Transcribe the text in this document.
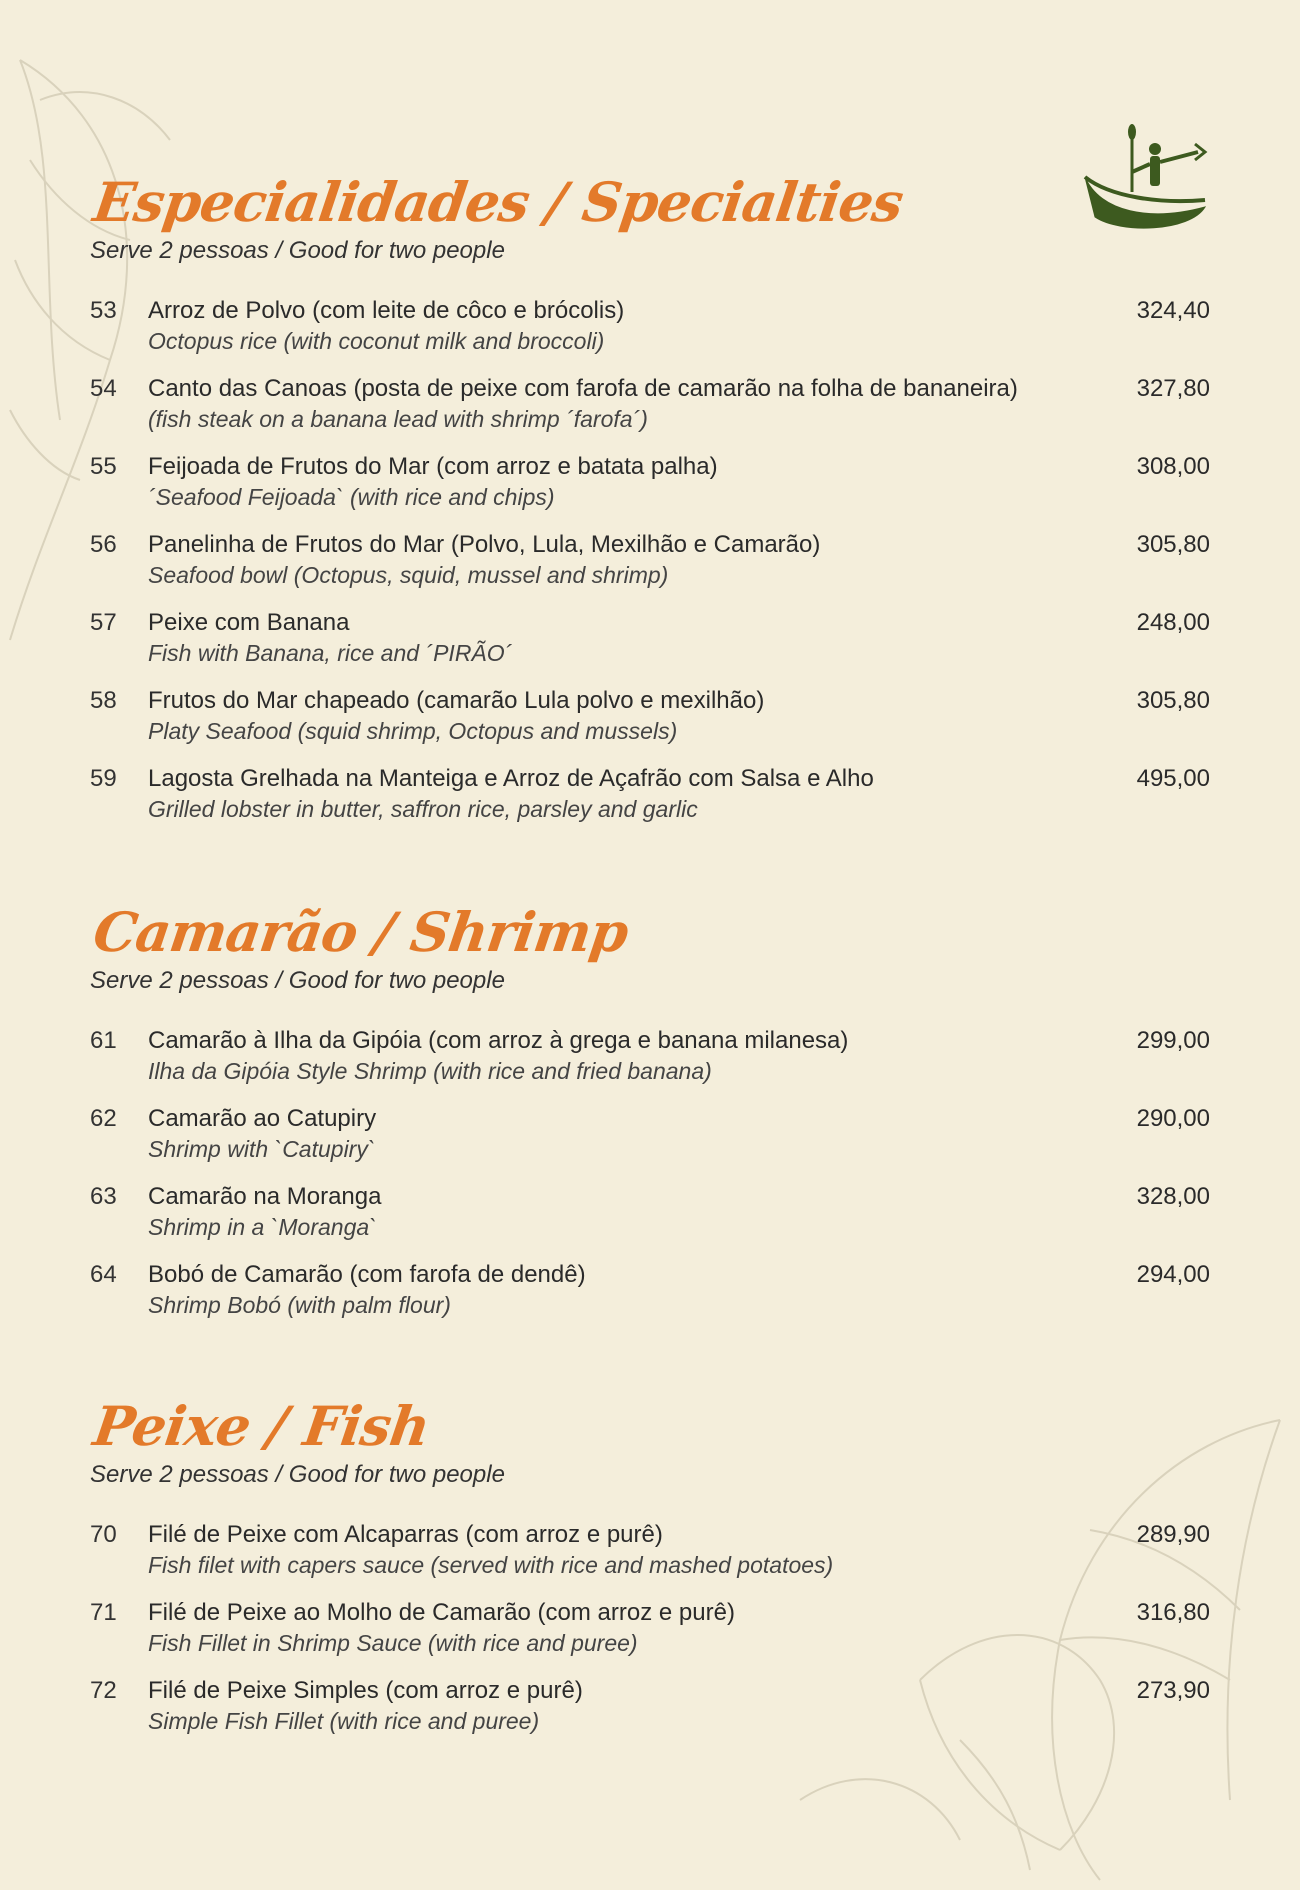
Especialidades / Specialties
Serve 2 pessoas / Good for two people
53 Arroz de Polvo (com leite de côco e brócolis)
Octopus rice (with coconut milk and broccoli)
324,40
54 Canto das Canoas (posta de peixe com farofa de camarão na folha de bananeira)
(fish steak on a banana lead with shrimp ´farofa´)
327,80
55 Feijoada de Frutos do Mar (com arroz e batata palha)
´Seafood Feijoada` (with rice and chips)
308,00
56 Panelinha de Frutos do Mar (Polvo, Lula, Mexilhão e Camarão)
Seafood bowl (Octopus, squid, mussel and shrimp)
305,80
57 Peixe com Banana
Fish with Banana, rice and ´PIRÃO´
248,00
58 Frutos do Mar chapeado (camarão Lula polvo e mexilhão)
Platy Seafood (squid shrimp, Octopus and mussels)
305,80
59 Lagosta Grelhada na Manteiga e Arroz de Açafrão com Salsa e Alho
Grilled lobster in butter, saffron rice, parsley and garlic
495,00
Camarão / Shrimp
Serve 2 pessoas / Good for two people
61 Camarão à Ilha da Gipóia (com arroz à grega e banana milanesa)
Ilha da Gipóia Style Shrimp (with rice and fried banana)
299,00
62 Camarão ao Catupiry
Shrimp with `Catupiry`
290,00
63 Camarão na Moranga
Shrimp in a `Moranga`
328,00
64 Bobó de Camarão (com farofa de dendê)
Shrimp Bobó (with palm flour)
294,00
Peixe / Fish
Serve 2 pessoas / Good for two people
70 Filé de Peixe com Alcaparras (com arroz e purê)
Fish filet with capers sauce (served with rice and mashed potatoes)
289,90
71 Filé de Peixe ao Molho de Camarão (com arroz e purê)
Fish Fillet in Shrimp Sauce (with rice and puree)
316,80
72 Filé de Peixe Simples (com arroz e purê)
Simple Fish Fillet (with rice and puree)
273,90
